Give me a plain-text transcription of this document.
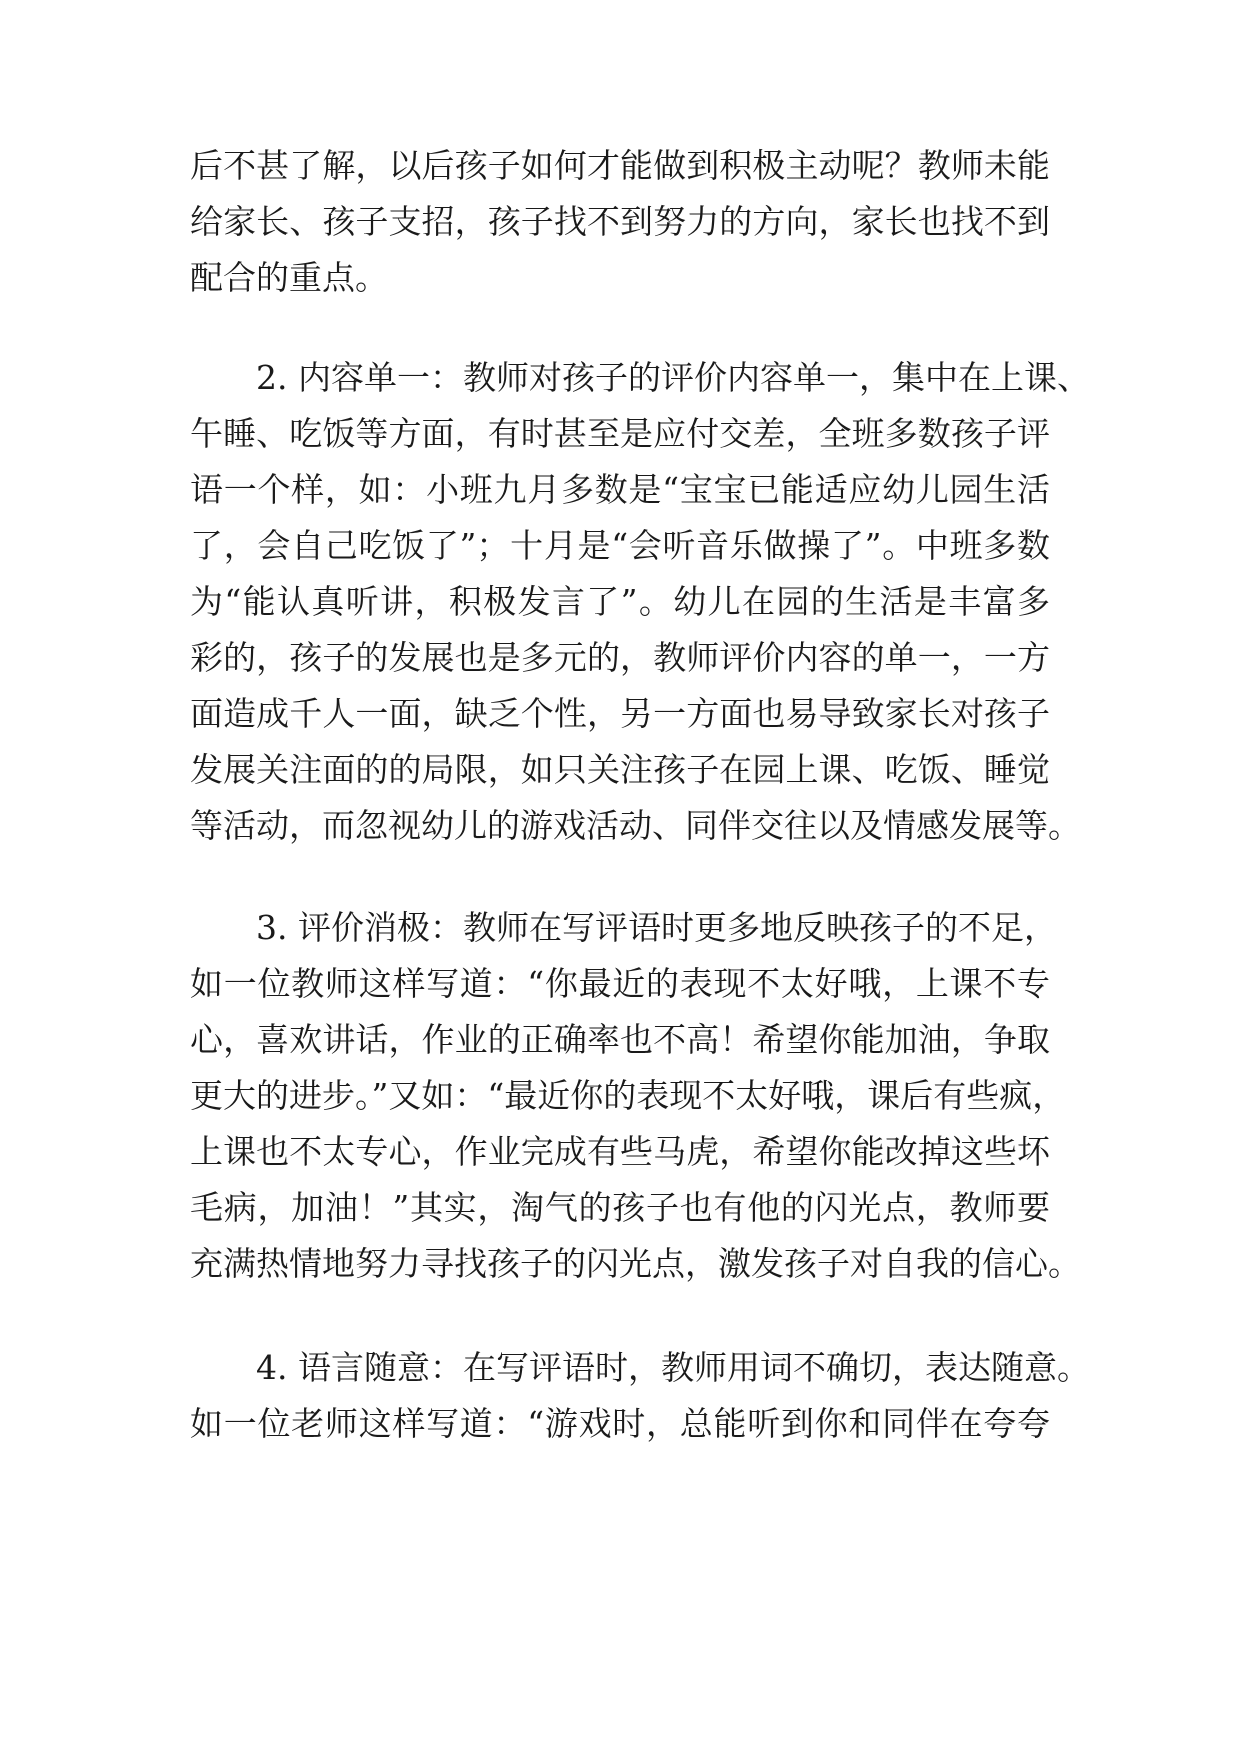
后不甚了解，以后孩子如何才能做到积极主动呢？教师未能
给家长、孩子支招，孩子找不到努力的方向，家长也找不到
配合的重点。
2. 内容单一：教师对孩子的评价内容单一，集中在上课、
午睡、吃饭等方面，有时甚至是应付交差，全班多数孩子评
语一个样，如：小班九月多数是“宝宝已能适应幼儿园生活
了，会自己吃饭了”；十月是“会听音乐做操了”。中班多数
为“能认真听讲，积极发言了”。幼儿在园的生活是丰富多
彩的，孩子的发展也是多元的，教师评价内容的单一，一方
面造成千人一面，缺乏个性，另一方面也易导致家长对孩子
发展关注面的的局限，如只关注孩子在园上课、吃饭、睡觉
等活动，而忽视幼儿的游戏活动、同伴交往以及情感发展等。
3. 评价消极：教师在写评语时更多地反映孩子的不足，
如一位教师这样写道：“你最近的表现不太好哦，上课不专
心，喜欢讲话，作业的正确率也不高！希望你能加油，争取
更大的进步。”又如：“最近你的表现不太好哦，课后有些疯，
上课也不太专心，作业完成有些马虎，希望你能改掉这些坏
毛病，加油！”其实，淘气的孩子也有他的闪光点，教师要
充满热情地努力寻找孩子的闪光点，激发孩子对自我的信心。
4. 语言随意：在写评语时，教师用词不确切，表达随意。
如一位老师这样写道：“游戏时，总能听到你和同伴在夸夸
